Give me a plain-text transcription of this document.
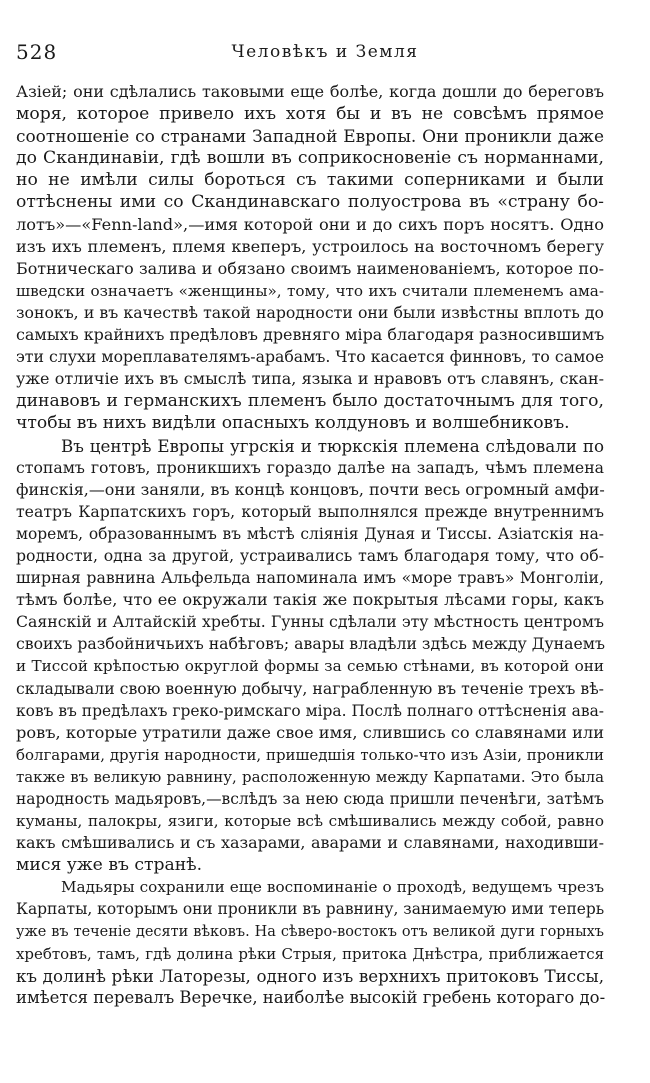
528	Человѣкъ и Земля
Азіей; они сдѣлались таковыми еще болѣе, когда дошли до береговъ
моря, которое привело ихъ хотя бы и въ не совсѣмъ прямое
соотношеніе со странами Западной Европы. Они проникли даже
до Скандинавіи, гдѣ вошли въ соприкосновеніе съ норманнами,
но не имѣли силы бороться съ такими соперниками и были
оттѣснены ими со Скандинавскаго полуострова въ «страну бо-
лотъ»—«Fenn-land»,—имя которой они и до сихъ поръ носятъ. Одно
изъ ихъ племенъ, племя квеперъ, устроилось на восточномъ берегу
Ботническаго залива и обязано своимъ наименованіемъ, которое по-
шведски означаетъ «женщины», тому, что ихъ считали племенемъ ама-
зонокъ, и въ качествѣ такой народности они были извѣстны вплоть до
самыхъ крайнихъ предѣловъ древняго міра благодаря разносившимъ
эти слухи мореплавателямъ-арабамъ. Что касается финновъ, то самое
уже отличіе ихъ въ смыслѣ типа, языка и нравовъ отъ славянъ, скан-
динавовъ и германскихъ племенъ было достаточнымъ для того,
чтобы въ нихъ видѣли опасныхъ колдуновъ и волшебниковъ.
Въ центрѣ Европы угрскія и тюркскія племена слѣдовали по
стопамъ готовъ, проникшихъ гораздо далѣе на западъ, чѣмъ племена
финскія,—они заняли, въ концѣ концовъ, почти весь огромный амфи-
театръ Карпатскихъ горъ, который выполнялся прежде внутреннимъ
моремъ, образованнымъ въ мѣстѣ сліянія Дуная и Тиссы. Азіатскія на-
родности, одна за другой, устраивались тамъ благодаря тому, что об-
ширная равнина Альфельда напоминала имъ «море травъ» Монголіи,
тѣмъ болѣе, что ее окружали такія же покрытыя лѣсами горы, какъ
Саянскій и Алтайскій хребты. Гунны сдѣлали эту мѣстность центромъ
своихъ разбойничьихъ набѣговъ; авары владѣли здѣсь между Дунаемъ
и Тиссой крѣпостью округлой формы за семью стѣнами, въ которой они
складывали свою военную добычу, награбленную въ теченіе трехъ вѣ-
ковъ въ предѣлахъ греко-римскаго міра. Послѣ полнаго оттѣсненія ава-
ровъ, которые утратили даже свое имя, слившись со славянами или
болгарами, другія народности, пришедшія только-что изъ Азіи, проникли
также въ великую равнину, расположенную между Карпатами. Это была
народность мадьяровъ,—вслѣдъ за нею сюда пришли печенѣги, затѣмъ
куманы, палокры, язиги, которые всѣ смѣшивались между собой, равно
какъ смѣшивались и съ хазарами, аварами и славянами, находивши-
мися уже въ странѣ.
Мадьяры сохранили еще воспоминаніе о проходѣ, ведущемъ чрезъ
Карпаты, которымъ они проникли въ равнину, занимаемую ими теперь
уже въ теченіе десяти вѣковъ. На сѣверо-востокъ отъ великой дуги горныхъ
хребтовъ, тамъ, гдѣ долина рѣки Стрыя, притока Днѣстра, приближается
къ долинѣ рѣки Латорезы, одного изъ верхнихъ притоковъ Тиссы,
имѣется перевалъ Веречке, наиболѣе высокій гребень котораго до-
